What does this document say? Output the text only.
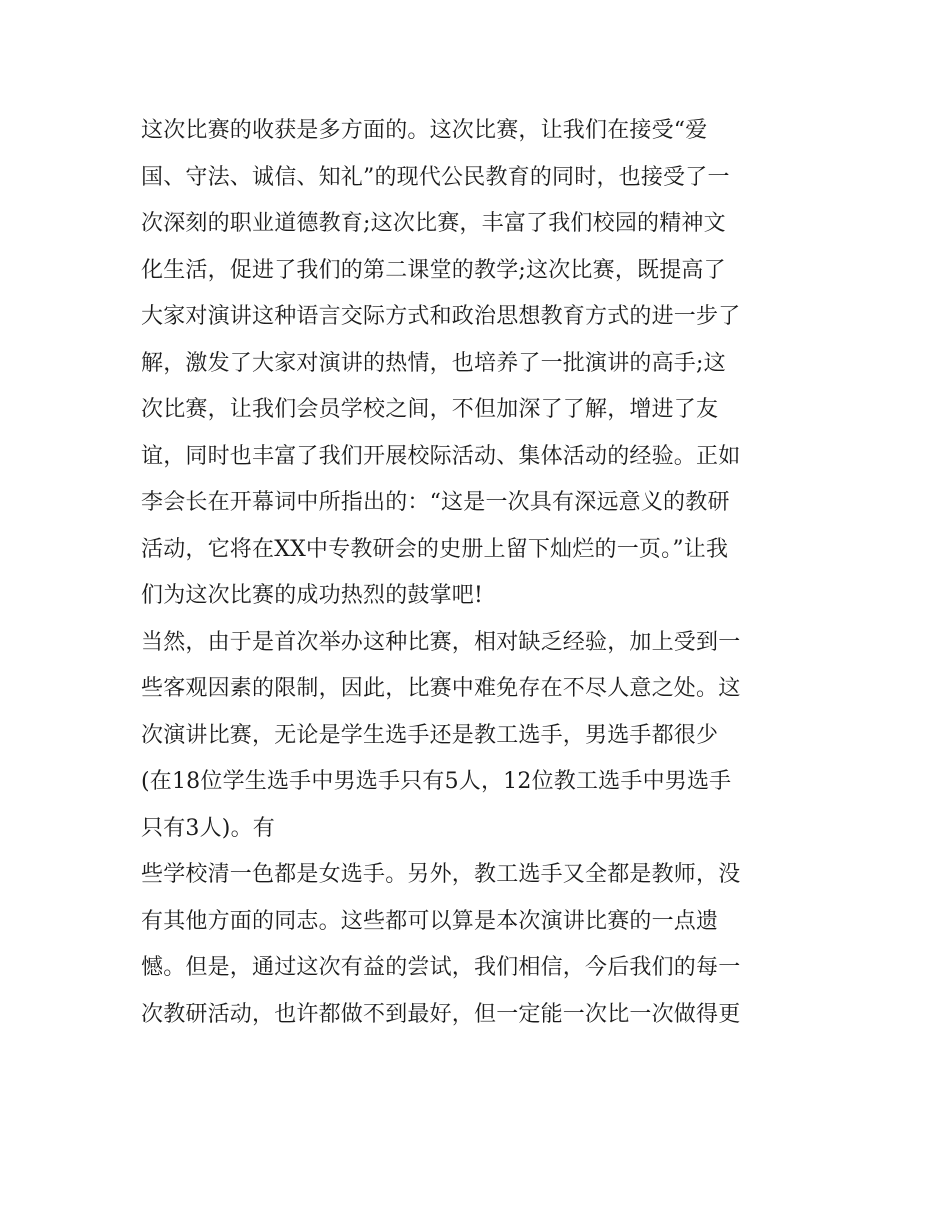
这次比赛的收获是多方面的。这次比赛，让我们在接受“爱
国、守法、诚信、知礼”的现代公民教育的同时，也接受了一
次深刻的职业道德教育;这次比赛，丰富了我们校园的精神文
化生活，促进了我们的第二课堂的教学;这次比赛，既提高了
大家对演讲这种语言交际方式和政治思想教育方式的进一步了
解，激发了大家对演讲的热情，也培养了一批演讲的高手;这
次比赛，让我们会员学校之间，不但加深了了解，增进了友
谊，同时也丰富了我们开展校际活动、集体活动的经验。正如
李会长在开幕词中所指出的：“这是一次具有深远意义的教研
活动，它将在XX中专教研会的史册上留下灿烂的一页。”让我
们为这次比赛的成功热烈的鼓掌吧!
当然，由于是首次举办这种比赛，相对缺乏经验，加上受到一
些客观因素的限制，因此，比赛中难免存在不尽人意之处。这
次演讲比赛，无论是学生选手还是教工选手，男选手都很少
(在18位学生选手中男选手只有5人，12位教工选手中男选手
只有3人)。有
些学校清一色都是女选手。另外，教工选手又全都是教师，没
有其他方面的同志。这些都可以算是本次演讲比赛的一点遗
憾。但是，通过这次有益的尝试，我们相信，今后我们的每一
次教研活动，也许都做不到最好，但一定能一次比一次做得更
